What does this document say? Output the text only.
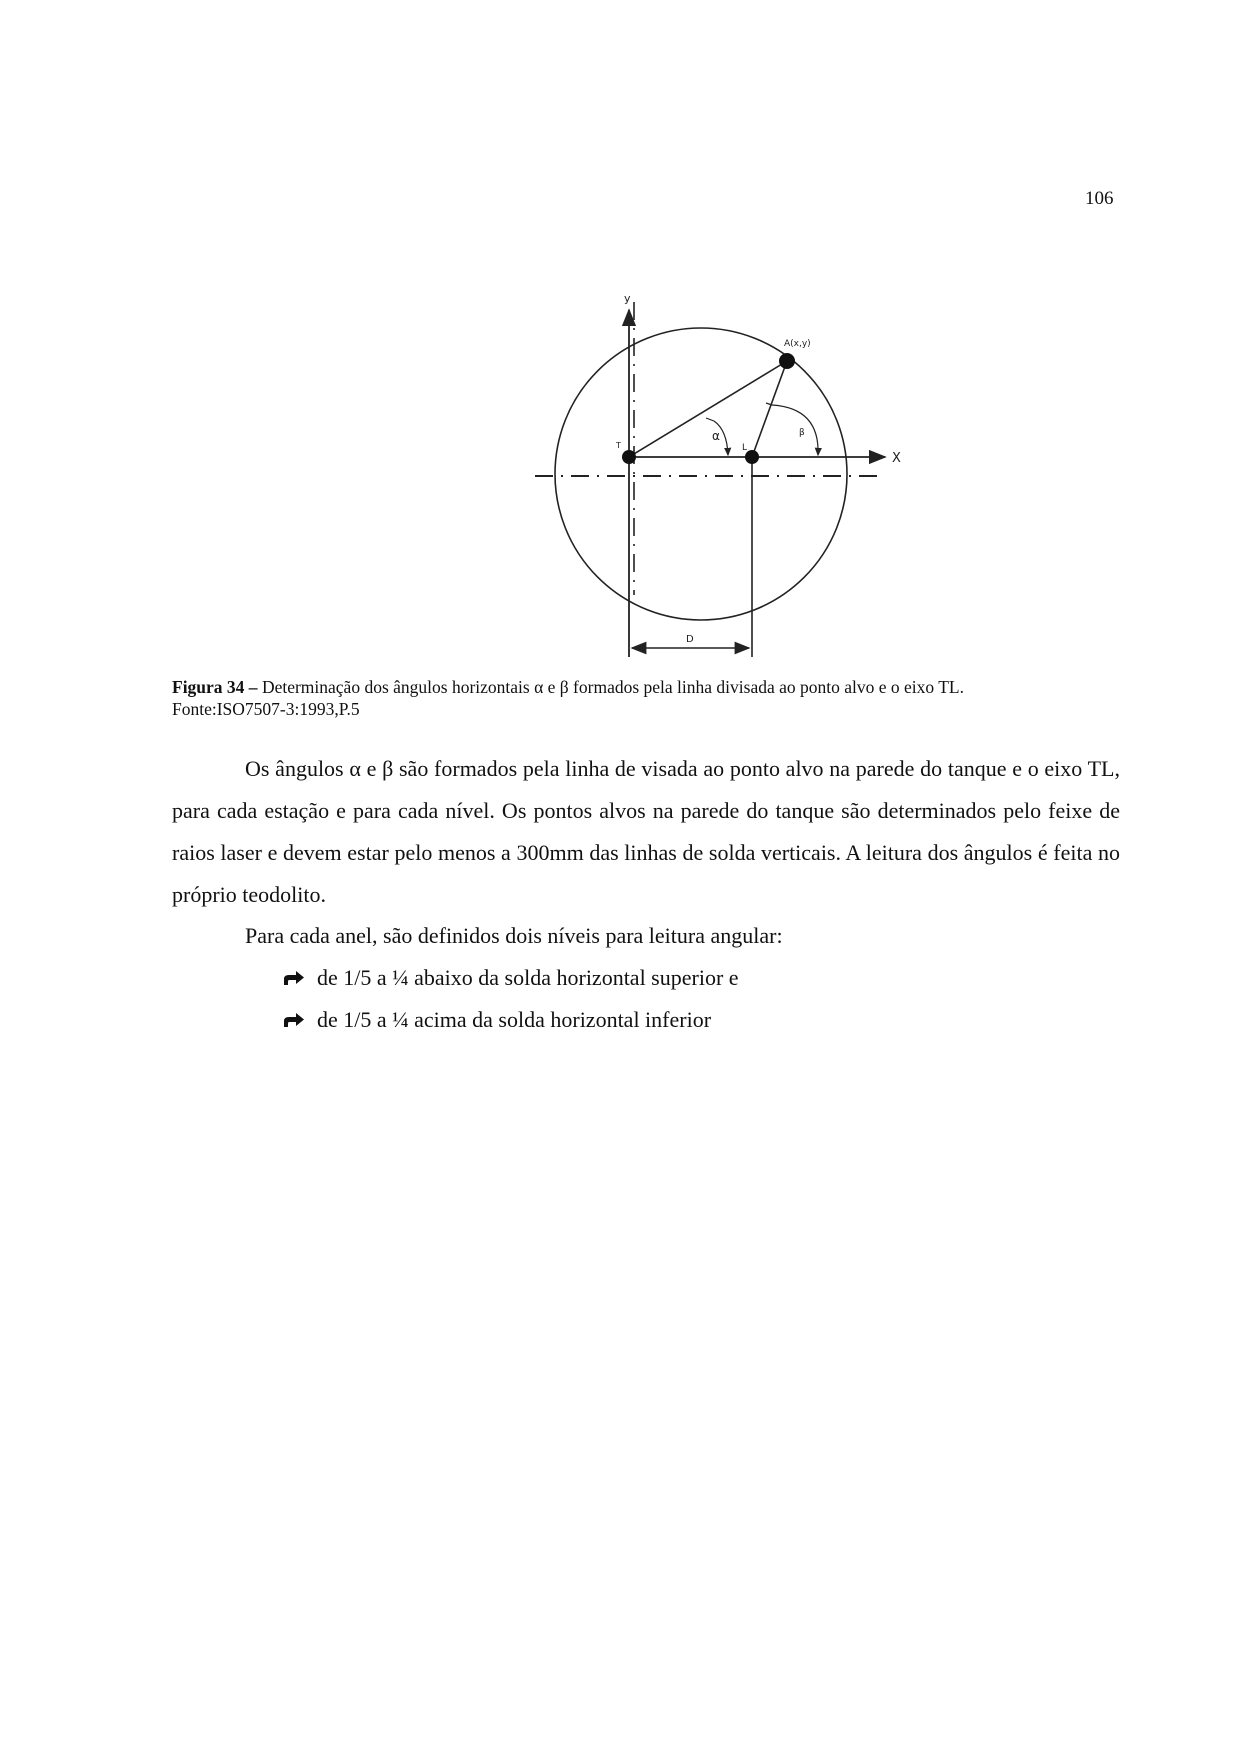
106
y
X
T	L
A(x,y)
α	β
D
Figura 34 – Determinação dos ângulos horizontais α e β formados pela linha divisada ao ponto alvo e o eixo TL.
Fonte:ISO7507-3:1993,P.5

Os ângulos α e β são formados pela linha de visada ao ponto alvo na parede do tanque e o eixo TL, para cada estação e para cada nível. Os pontos alvos na parede do tanque são determinados pelo feixe de raios laser e devem estar pelo menos a 300mm das linhas de solda verticais. A leitura dos ângulos é feita no próprio teodolito.

Para cada anel, são definidos dois níveis para leitura angular:

de 1/5 a ¼ abaixo da solda horizontal superior e
de 1/5 a ¼ acima da solda horizontal inferior
